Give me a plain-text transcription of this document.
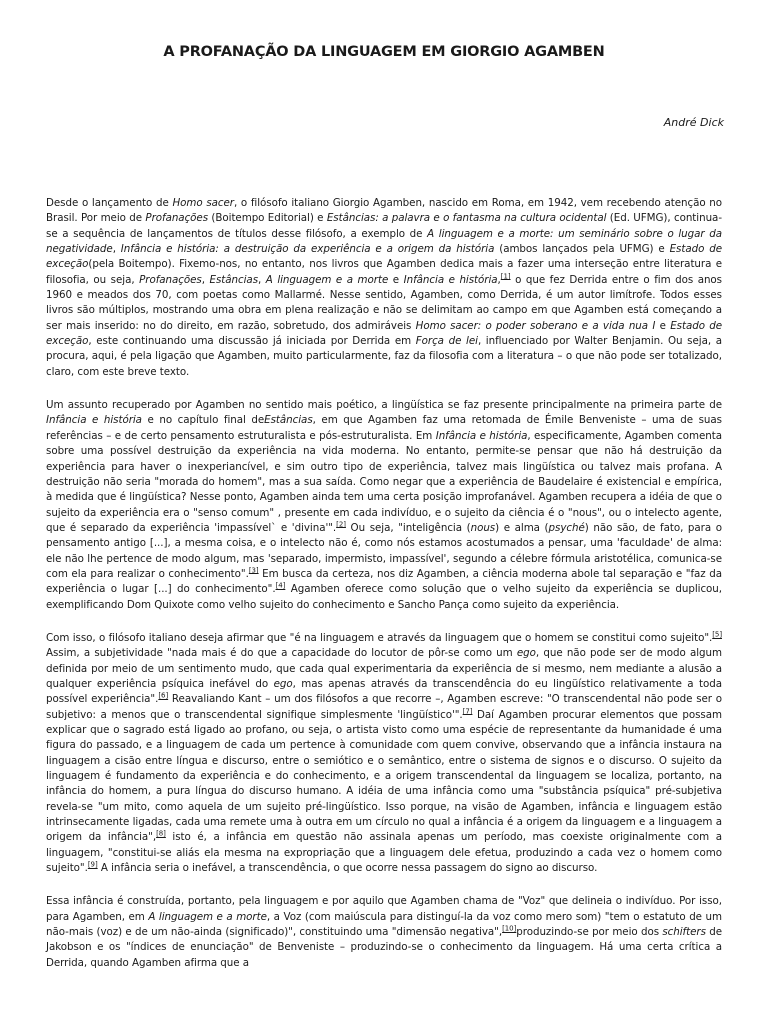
A PROFANAÇÃO DA LINGUAGEM EM GIORGIO AGAMBEN
André Dick

Desde o lançamento de Homo sacer, o filósofo italiano Giorgio Agamben, nascido em Roma, em 1942, vem recebendo atenção no Brasil. Por meio de Profanações (Boitempo Editorial) e Estâncias: a palavra e o fantasma na cultura ocidental (Ed. UFMG), continua-se a sequência de lançamentos de títulos desse filósofo, a exemplo de A linguagem e a morte: um seminário sobre o lugar da negatividade, Infância e história: a destruição da experiência e a origem da história (ambos lançados pela UFMG) e Estado de exceção(pela Boitempo). Fixemo-nos, no entanto, nos livros que Agamben dedica mais a fazer uma interseção entre literatura e filosofia, ou seja, Profanações, Estâncias, A linguagem e a morte e Infância e história,[1] o que fez Derrida entre o fim dos anos 1960 e meados dos 70, com poetas como Mallarmé. Nesse sentido, Agamben, como Derrida, é um autor limítrofe. Todos esses livros são múltiplos, mostrando uma obra em plena realização e não se delimitam ao campo em que Agamben está começando a ser mais inserido: no do direito, em razão, sobretudo, dos admiráveis Homo sacer: o poder soberano e a vida nua I e Estado de exceção, este continuando uma discussão já iniciada por Derrida em Força de lei, influenciado por Walter Benjamin. Ou seja, a procura, aqui, é pela ligação que Agamben, muito particularmente, faz da filosofia com a literatura – o que não pode ser totalizado, claro, com este breve texto.

Um assunto recuperado por Agamben no sentido mais poético, a lingüística se faz presente principalmente na primeira parte de Infância e história e no capítulo final deEstâncias, em que Agamben faz uma retomada de Émile Benveniste – uma de suas referências – e de certo pensamento estruturalista e pós-estruturalista. Em Infância e história, especificamente, Agamben comenta sobre uma possível destruição da experiência na vida moderna. No entanto, permite-se pensar que não há destruição da experiência para haver o inexperiancível, e sim outro tipo de experiência, talvez mais lingüística ou talvez mais profana. A destruição não seria "morada do homem", mas a sua saída. Como negar que a experiência de Baudelaire é existencial e empírica, à medida que é lingüística? Nesse ponto, Agamben ainda tem uma certa posição improfanável. Agamben recupera a idéia de que o sujeito da experiência era o "senso comum" , presente em cada indivíduo, e o sujeito da ciência é o "nous", ou o intelecto agente, que é separado da experiência 'impassível` e 'divina'".[2] Ou seja, "inteligência (nous) e alma (psyché) não são, de fato, para o pensamento antigo [...], a mesma coisa, e o intelecto não é, como nós estamos acostumados a pensar, uma 'faculdade' de alma: ele não lhe pertence de modo algum, mas 'separado, impermisto, impassível', segundo a célebre fórmula aristotélica, comunica-se com ela para realizar o conhecimento".[3] Em busca da certeza, nos diz Agamben, a ciência moderna abole tal separação e "faz da experiência o lugar [...] do conhecimento".[4] Agamben oferece como solução que o velho sujeito da experiência se duplicou, exemplificando Dom Quixote como velho sujeito do conhecimento e Sancho Pança como sujeito da experiência.

Com isso, o filósofo italiano deseja afirmar que "é na linguagem e através da linguagem que o homem se constitui como sujeito".[5] Assim, a subjetividade "nada mais é do que a capacidade do locutor de pôr-se como um ego, que não pode ser de modo algum definida por meio de um sentimento mudo, que cada qual experimentaria da experiência de si mesmo, nem mediante a alusão a qualquer experiência psíquica inefável do ego, mas apenas através da transcendência do eu lingüístico relativamente a toda possível experiência".[6] Reavaliando Kant – um dos filósofos a que recorre –, Agamben escreve: "O transcendental não pode ser o subjetivo: a menos que o transcendental signifique simplesmente 'lingüístico'".[7] Daí Agamben procurar elementos que possam explicar que o sagrado está ligado ao profano, ou seja, o artista visto como uma espécie de representante da humanidade é uma figura do passado, e a linguagem de cada um pertence à comunidade com quem convive, observando que a infância instaura na linguagem a cisão entre língua e discurso, entre o semiótico e o semântico, entre o sistema de signos e o discurso. O sujeito da linguagem é fundamento da experiência e do conhecimento, e a origem transcendental da linguagem se localiza, portanto, na infância do homem, a pura língua do discurso humano. A idéia de uma infância como uma "substância psíquica" pré-subjetiva revela-se "um mito, como aquela de um sujeito pré-lingüístico. Isso porque, na visão de Agamben, infância e linguagem estão intrinsecamente ligadas, cada uma remete uma à outra em um círculo no qual a infância é a origem da linguagem e a linguagem a origem da infância",[8] isto é, a infância em questão não assinala apenas um período, mas coexiste originalmente com a linguagem, "constitui-se aliás ela mesma na expropriação que a linguagem dele efetua, produzindo a cada vez o homem como sujeito".[9] A infância seria o inefável, a transcendência, o que ocorre nessa passagem do signo ao discurso.

Essa infância é construída, portanto, pela linguagem e por aquilo que Agamben chama de "Voz" que delineia o indivíduo. Por isso, para Agamben, em A linguagem e a morte, a Voz (com maiúscula para distinguí-la da voz como mero som) "tem o estatuto de um não-mais (voz) e de um não-ainda (significado)", constituindo uma "dimensão negativa",[10]produzindo-se por meio dos schifters de Jakobson e os "índices de enunciação" de Benveniste – produzindo-se o conhecimento da linguagem. Há uma certa crítica a Derrida, quando Agamben afirma que a
